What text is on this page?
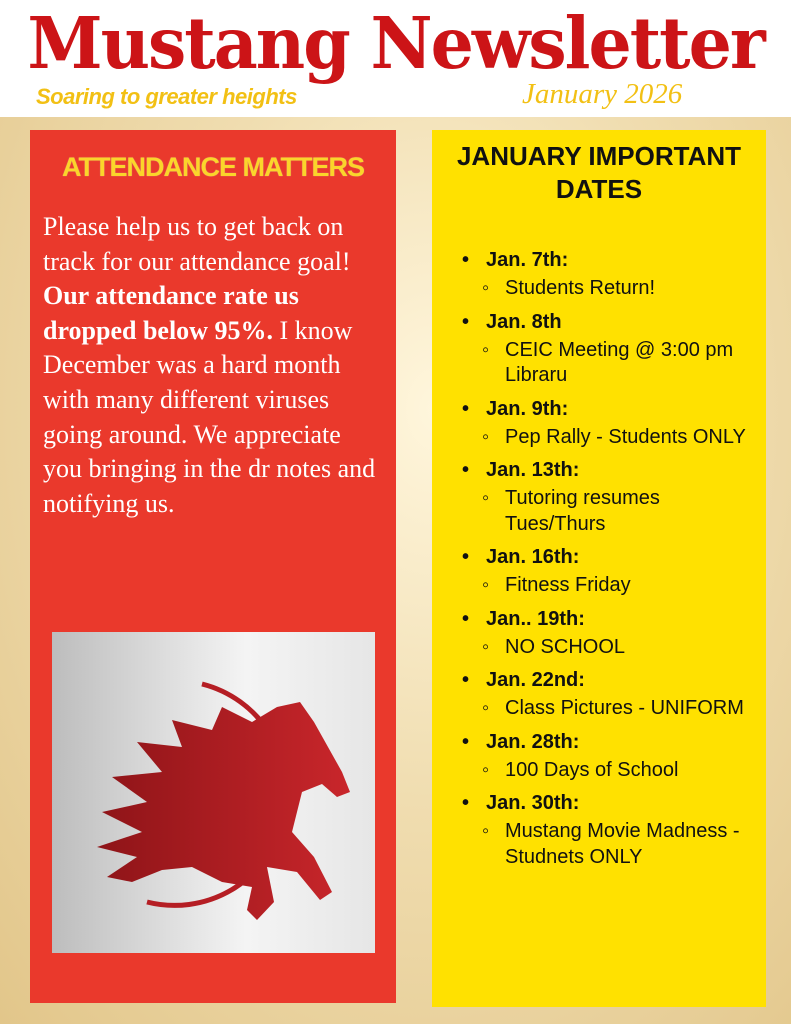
Mustang Newsletter
Soaring to greater heights	January 2026
ATTENDANCE MATTERS

Please help us to get back on track for our attendance goal!  Our attendance rate us dropped below 95%. I know December was a hard month with many different viruses going around. We appreciate you bringing in the dr notes and notifying us.

JANUARY IMPORTANT DATES
• Jan. 7th:
◦ Students Return!
• Jan. 8th
◦ CEIC Meeting @ 3:00 pm Libraru
• Jan. 9th:
◦ Pep Rally - Students ONLY
• Jan. 13th:
◦ Tutoring resumes Tues/Thurs
• Jan. 16th:
◦ Fitness Friday
• Jan.. 19th:
◦ NO SCHOOL
• Jan. 22nd:
◦ Class Pictures - UNIFORM
• Jan. 28th:
◦ 100 Days of School
• Jan. 30th:
◦ Mustang Movie Madness - Studnets ONLY
